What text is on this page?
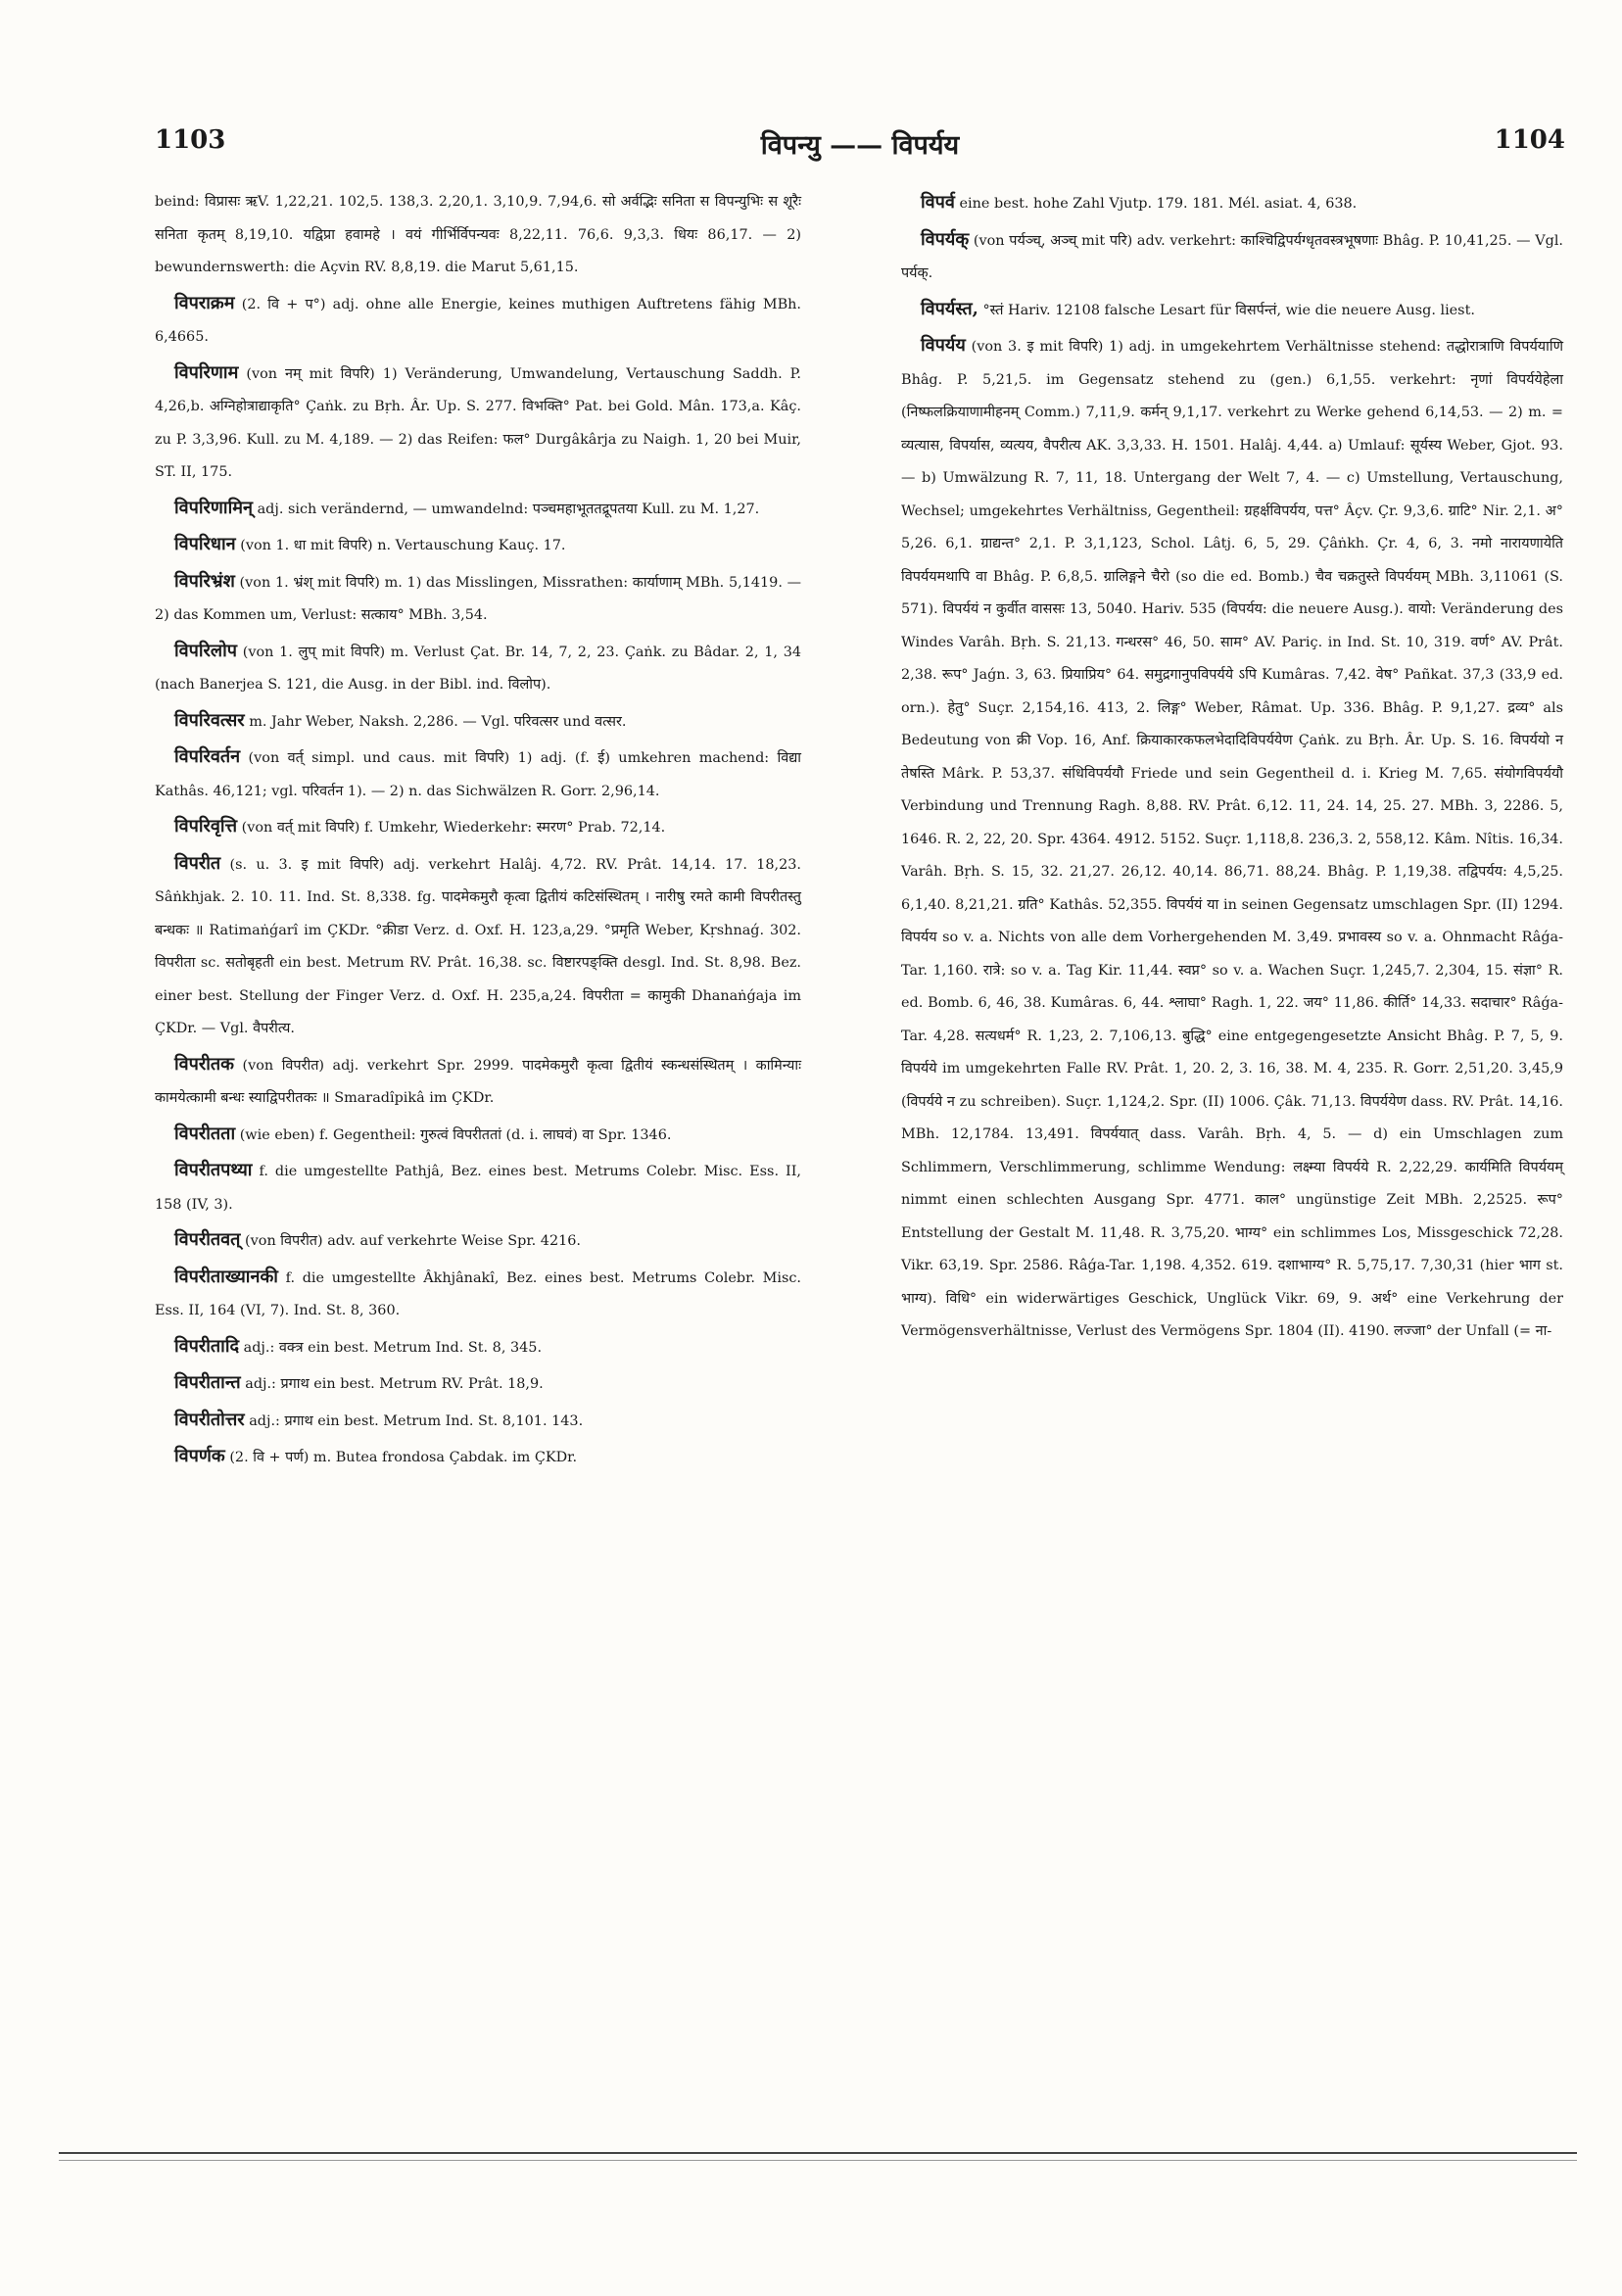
1103	विपन्यु —— विपर्यय	1104

beind: विप्रासः ऋV. 1,22,21. 102,5. 138,3. 2,20,1. 3,10,9. 7,94,6. सो अर्वद्भिः सनिता स विपन्युभिः स शूरैः सनिता कृतम् 8,19,10. यद्विप्रा हवामहे । वयं गीर्भिर्विपन्यवः 8,22,11. 76,6. 9,3,3. धियः 86,17. — 2) bewundernswerth: die Açvin RV. 8,8,19. die Marut 5,61,15.

विपराक्रम (2. वि + प°) adj. ohne alle Energie, keines muthigen Auftretens fähig MBh. 6,4665.

विपरिणाम (von नम् mit विपरि) 1) Veränderung, Umwandelung, Vertauschung Saddh. P. 4,26,b. अग्निहोत्राद्याकृति° Çaṅk. zu Bṛh. Âr. Up. S. 277. विभक्ति° Pat. bei Gold. Mân. 173,a. Kâç. zu P. 3,3,96. Kull. zu M. 4,189. — 2) das Reifen: फल° Durgâkârja zu Naigh. 1, 20 bei Muir, ST. II, 175.

विपरिणामिन् adj. sich verändernd, — umwandelnd: पञ्चमहाभूततद्रूपतया Kull. zu M. 1,27.

विपरिधान (von 1. धा mit विपरि) n. Vertauschung Kauç. 17.

विपरिभ्रंश (von 1. भ्रंश् mit विपरि) m. 1) das Misslingen, Missrathen: कार्याणाम् MBh. 5,1419. — 2) das Kommen um, Verlust: सत्काय° MBh. 3,54.

विपरिलोप (von 1. लुप् mit विपरि) m. Verlust Çat. Br. 14, 7, 2, 23. Çaṅk. zu Bâdar. 2, 1, 34 (nach Banerjea S. 121, die Ausg. in der Bibl. ind. विलोप).

विपरिवत्सर m. Jahr Weber, Naksh. 2,286. — Vgl. परिवत्सर und वत्सर.

विपरिवर्तन (von वर्त् simpl. und caus. mit विपरि) 1) adj. (f. ई) umkehren machend: विद्या Kathâs. 46,121; vgl. परिवर्तन 1). — 2) n. das Sichwälzen R. Gorr. 2,96,14.

विपरिवृत्ति (von वर्त् mit विपरि) f. Umkehr, Wiederkehr: स्मरण° Prab. 72,14.

विपरीत (s. u. 3. इ mit विपरि) adj. verkehrt Halâj. 4,72. RV. Prât. 14,14. 17. 18,23. Sâṅkhjak. 2. 10. 11. Ind. St. 8,338. fg. पादमेकमुरौ कृत्वा द्वितीयं कटिसंस्थितम् । नारीषु रमते कामी विपरीतस्तु बन्धकः ॥ Ratimaṅǵarî im ÇKDr. °क्रीडा Verz. d. Oxf. H. 123,a,29. °प्रमृति Weber, Kṛshnaǵ. 302. विपरीता sc. सतोबृहती ein best. Metrum RV. Prât. 16,38. sc. विष्टारपङ्क्ति desgl. Ind. St. 8,98. Bez. einer best. Stellung der Finger Verz. d. Oxf. H. 235,a,24. विपरीता = कामुकी Dhanaṅǵaja im ÇKDr. — Vgl. वैपरीत्य.

विपरीतक (von विपरीत) adj. verkehrt Spr. 2999. पादमेकमुरौ कृत्वा द्वितीयं स्कन्धसंस्थितम् । कामिन्याः कामयेत्कामी बन्धः स्याद्विपरीतकः ॥ Smaradîpikâ im ÇKDr.

विपरीतता (wie eben) f. Gegentheil: गुरुत्वं विपरीततां (d. i. लाघवं) वा Spr. 1346.

विपरीतपथ्या f. die umgestellte Pathjâ, Bez. eines best. Metrums Colebr. Misc. Ess. II, 158 (IV, 3).

विपरीतवत् (von विपरीत) adv. auf verkehrte Weise Spr. 4216.

विपरीताख्यानकी f. die umgestellte Âkhjânakî, Bez. eines best. Metrums Colebr. Misc. Ess. II, 164 (VI, 7). Ind. St. 8, 360.

विपरीतादि adj.: वक्त्र ein best. Metrum Ind. St. 8, 345.

विपरीतान्त adj.: प्रगाथ ein best. Metrum RV. Prât. 18,9.

विपरीतोत्तर adj.: प्रगाथ ein best. Metrum Ind. St. 8,101. 143.

विपर्णक (2. वि + पर्ण) m. Butea frondosa Çabdak. im ÇKDr.

विपर्व eine best. hohe Zahl Vjutp. 179. 181. Mél. asiat. 4, 638.

विपर्यक् (von पर्यञ्च्, अञ्च् mit परि) adv. verkehrt: काश्चिद्विपर्यग्धृतवस्त्रभूषणाः Bhâg. P. 10,41,25. — Vgl. पर्यक्.

विपर्यस्त, °स्तं Hariv. 12108 falsche Lesart für विसर्पन्तं, wie die neuere Ausg. liest.

विपर्यय (von 3. इ mit विपरि) 1) adj. in umgekehrtem Verhältnisse stehend: तद्धोरात्राणि विपर्ययाणि Bhâg. P. 5,21,5. im Gegensatz stehend zu (gen.) 6,1,55. verkehrt: नृणां विपर्ययेहेला (निष्फलक्रियाणामीहनम् Comm.) 7,11,9. कर्मन् 9,1,17. verkehrt zu Werke gehend 6,14,53. — 2) m. = व्यत्यास, विपर्यास, व्यत्यय, वैपरीत्य AK. 3,3,33. H. 1501. Halâj. 4,44. a) Umlauf: सूर्यस्य Weber, Gjot. 93. — b) Umwälzung R. 7, 11, 18. Untergang der Welt 7, 4. — c) Umstellung, Vertauschung, Wechsel; umgekehrtes Verhältniss, Gegentheil: ग्रहर्क्षविपर्यय, पत्त° Âçv. Çr. 9,3,6. ग्राटि° Nir. 2,1. अ° 5,26. 6,1. ग्राद्यन्त° 2,1. P. 3,1,123, Schol. Lâtj. 6, 5, 29. Çâṅkh. Çr. 4, 6, 3. नमो नारायणायेति विपर्ययमथापि वा Bhâg. P. 6,8,5. ग्रालिङ्गने चैरो (so die ed. Bomb.) चैव चक्रतुस्ते विपर्ययम् MBh. 3,11061 (S. 571). विपर्ययं न कुर्वीत वाससः 13, 5040. Hariv. 535 (विपर्यय: die neuere Ausg.). वायो: Veränderung des Windes Varâh. Bṛh. S. 21,13. गन्धरस° 46, 50. साम° AV. Pariç. in Ind. St. 10, 319. वर्ण° AV. Prât. 2,38. रूप° Jaǵn. 3, 63. प्रियाप्रिय° 64. समुद्रगानुपविपर्यये ऽपि Kumâras. 7,42. वेष° Pañkat. 37,3 (33,9 ed. orn.). हेतु° Suçr. 2,154,16. 413, 2. लिङ्ग° Weber, Râmat. Up. 336. Bhâg. P. 9,1,27. द्रव्य° als Bedeutung von क्री Vop. 16, Anf. क्रियाकारकफलभेदादिविपर्ययेण Çaṅk. zu Bṛh. Âr. Up. S. 16. विपर्ययो न तेषस्ति Mârk. P. 53,37. संधिविपर्ययौ Friede und sein Gegentheil d. i. Krieg M. 7,65. संयोगविपर्ययौ Verbindung und Trennung Ragh. 8,88. RV. Prât. 6,12. 11, 24. 14, 25. 27. MBh. 3, 2286. 5, 1646. R. 2, 22, 20. Spr. 4364. 4912. 5152. Suçr. 1,118,8. 236,3. 2, 558,12. Kâm. Nîtis. 16,34. Varâh. Bṛh. S. 15, 32. 21,27. 26,12. 40,14. 86,71. 88,24. Bhâg. P. 1,19,38. तद्विपर्यय: 4,5,25. 6,1,40. 8,21,21. ग्रति° Kathâs. 52,355. विपर्ययं या in seinen Gegensatz umschlagen Spr. (II) 1294. विपर्यय so v. a. Nichts von alle dem Vorhergehenden M. 3,49. प्रभावस्य so v. a. Ohnmacht Râǵa-Tar. 1,160. रात्रे: so v. a. Tag Kir. 11,44. स्वप्न° so v. a. Wachen Suçr. 1,245,7. 2,304, 15. संज्ञा° R. ed. Bomb. 6, 46, 38. Kumâras. 6, 44. श्लाघा° Ragh. 1, 22. जय° 11,86. कीर्ति° 14,33. सदाचार° Râǵa-Tar. 4,28. सत्यधर्म° R. 1,23, 2. 7,106,13. बुद्धि° eine entgegengesetzte Ansicht Bhâg. P. 7, 5, 9. विपर्यये im umgekehrten Falle RV. Prât. 1, 20. 2, 3. 16, 38. M. 4, 235. R. Gorr. 2,51,20. 3,45,9 (विपर्यये न zu schreiben). Suçr. 1,124,2. Spr. (II) 1006. Çâk. 71,13. विपर्ययेण dass. RV. Prât. 14,16. MBh. 12,1784. 13,491. विपर्ययात् dass. Varâh. Bṛh. 4, 5. — d) ein Umschlagen zum Schlimmern, Verschlimmerung, schlimme Wendung: लक्ष्म्या विपर्यये R. 2,22,29. कार्यमिति विपर्ययम् nimmt einen schlechten Ausgang Spr. 4771. काल° ungünstige Zeit MBh. 2,2525. रूप° Entstellung der Gestalt M. 11,48. R. 3,75,20. भाग्य° ein schlimmes Los, Missgeschick 72,28. Vikr. 63,19. Spr. 2586. Râǵa-Tar. 1,198. 4,352. 619. दशाभाग्य° R. 5,75,17. 7,30,31 (hier भाग st. भाग्य). विधि° ein widerwärtiges Geschick, Unglück Vikr. 69, 9. अर्थ° eine Verkehrung der Vermögensverhältnisse, Verlust des Vermögens Spr. 1804 (II). 4190. लज्जा° der Unfall (= ना-
